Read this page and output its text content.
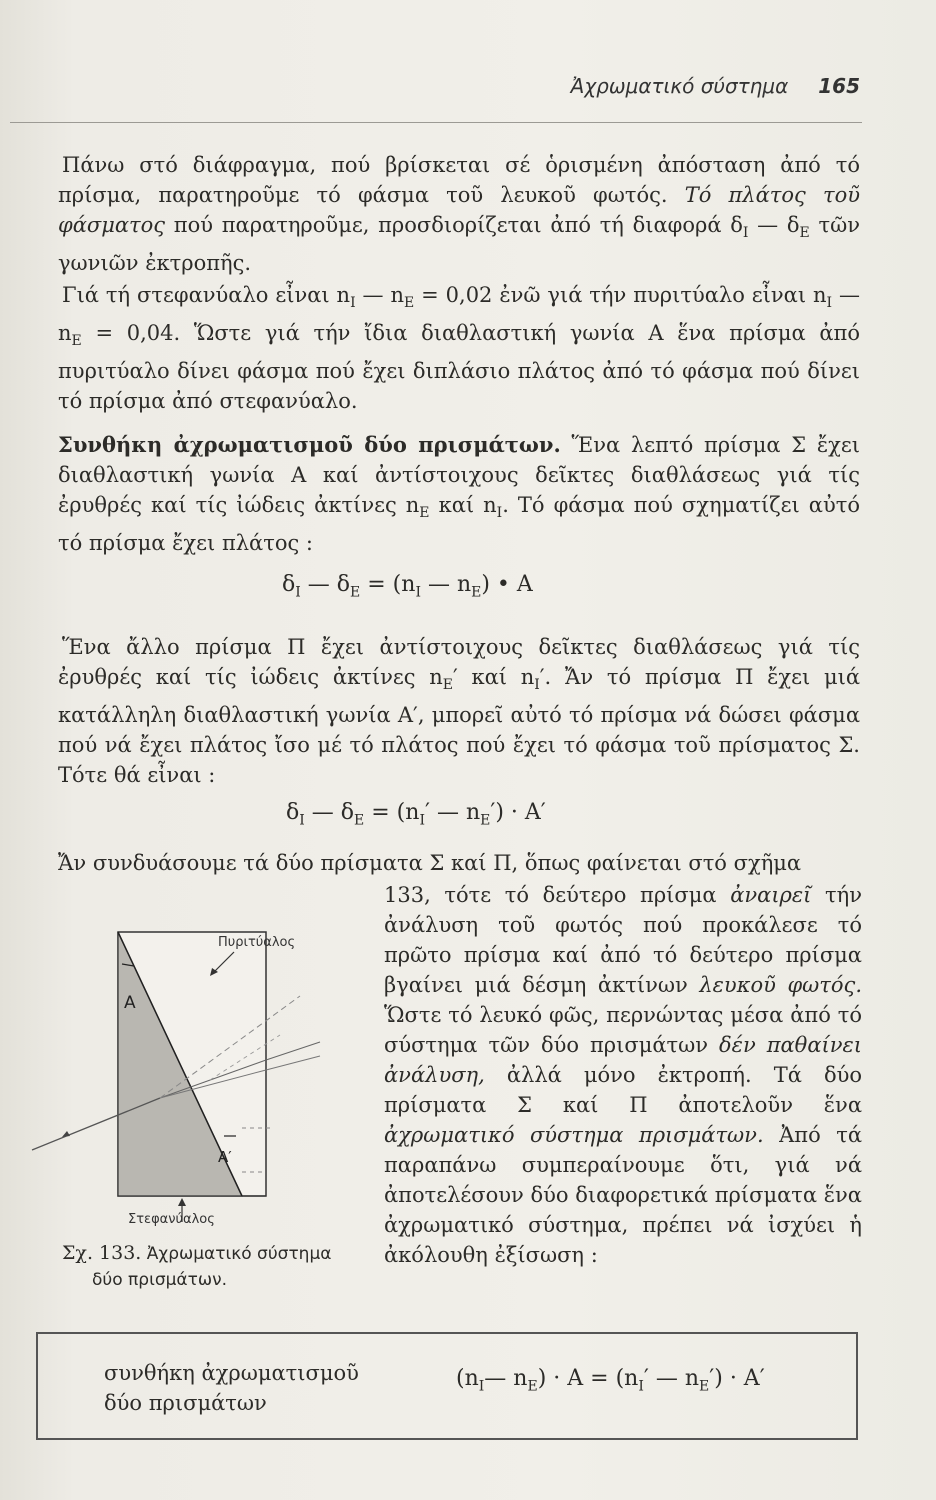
Ἀχρωματικό σύστημα 165
Πάνω στό διάφραγμα, πού βρίσκεται σέ ὁρισμένη ἀπόσταση ἀπό τό πρίσμα, παρατηροῦμε τό φάσμα τοῦ λευκοῦ φωτός. Τό πλάτος τοῦ φάσματος πού παρατηροῦμε, προσδιορίζεται ἀπό τή διαφορά $\delta_I$ — $\delta_E$ τῶν γωνιῶν ἐκτροπῆς.
Γιά τή στεφανύαλο εἶναι $n_I$ — $n_E = 0,02$ ἐνῶ γιά τήν πυριτύαλο εἶναι $n_I$ — $n_E = 0,04$. Ὥστε γιά τήν ἴδια διαθλαστική γωνία Α ἕνα πρίσμα ἀπό πυριτύαλο δίνει φάσμα πού ἔχει διπλάσιο πλάτος ἀπό τό φάσμα πού δίνει τό πρίσμα ἀπό στεφανύαλο.
Συνθήκη ἀχρωματισμοῦ δύο πρισμάτων. Ἕνα λεπτό πρίσμα Σ ἔχει διαθλαστική γωνία Α καί ἀντίστοιχους δεῖκτες διαθλάσεως γιά τίς ἐρυθρές καί τίς ἰώδεις ἀκτίνες $n_E$ καί $n_I$. Τό φάσμα πού σχηματίζει αὐτό τό πρίσμα ἔχει πλάτος :
$\delta_I$ — $\delta_E = (n_I$ — $n_E$) • A
Ἕνα ἄλλο πρίσμα Π ἔχει ἀντίστοιχους δεῖκτες διαθλάσεως γιά τίς ἐρυθρές καί τίς ἰώδεις ἀκτίνες $n_E'$ καί $n_I'$. Ἄν τό πρίσμα Π ἔχει μιά κατάλληλη διαθλαστική γωνία Α′, μπορεῖ αὐτό τό πρίσμα νά δώσει φάσμα πού νά ἔχει πλάτος ἴσο μέ τό πλάτος πού ἔχει τό φάσμα τοῦ πρίσματος Σ. Τότε θά εἶναι :
$\delta_I$ — $\delta_E = (n_I'$ — $n_E') \cdot A'$
Ἄν συνδυάσουμε τά δύο πρίσματα Σ καί Π, ὅπως φαίνεται στό σχῆμα
133, τότε τό δεύτερο πρίσμα ἀναιρεῖ τήν ἀνάλυση τοῦ φωτός πού προκάλεσε τό πρῶτο πρίσμα καί ἀπό τό δεύτερο πρίσμα βγαίνει μιά δέσμη ἀκτίνων λευκοῦ φωτός. Ὥστε τό λευκό φῶς, περνώντας μέσα ἀπό τό σύστημα τῶν δύο πρισμάτων δέν παθαίνει ἀνάλυση, ἀλλά μόνο ἐκτροπή. Τά δύο πρίσματα Σ καί Π ἀποτελοῦν ἕνα ἀχρωματικό σύστημα πρισμάτων. Ἀπό τά παραπάνω συμπεραίνουμε ὅτι, γιά νά ἀποτελέσουν δύο διαφορετικά πρίσματα ἕνα ἀχρωματικό σύστημα, πρέπει νά ἰσχύει ἡ ἀκόλουθη ἐξίσωση :
A
A′
Πυριτύαλος
Στεφανύαλος
Σχ. 133. Ἀχρωματικό σύστημα
δύο πρισμάτων.
συνθήκη ἀχρωματισμοῦ
δύο πρισμάτων
($n_I—$ $n_E) \cdot A = (n_I'$ — $n_E') \cdot A'$
